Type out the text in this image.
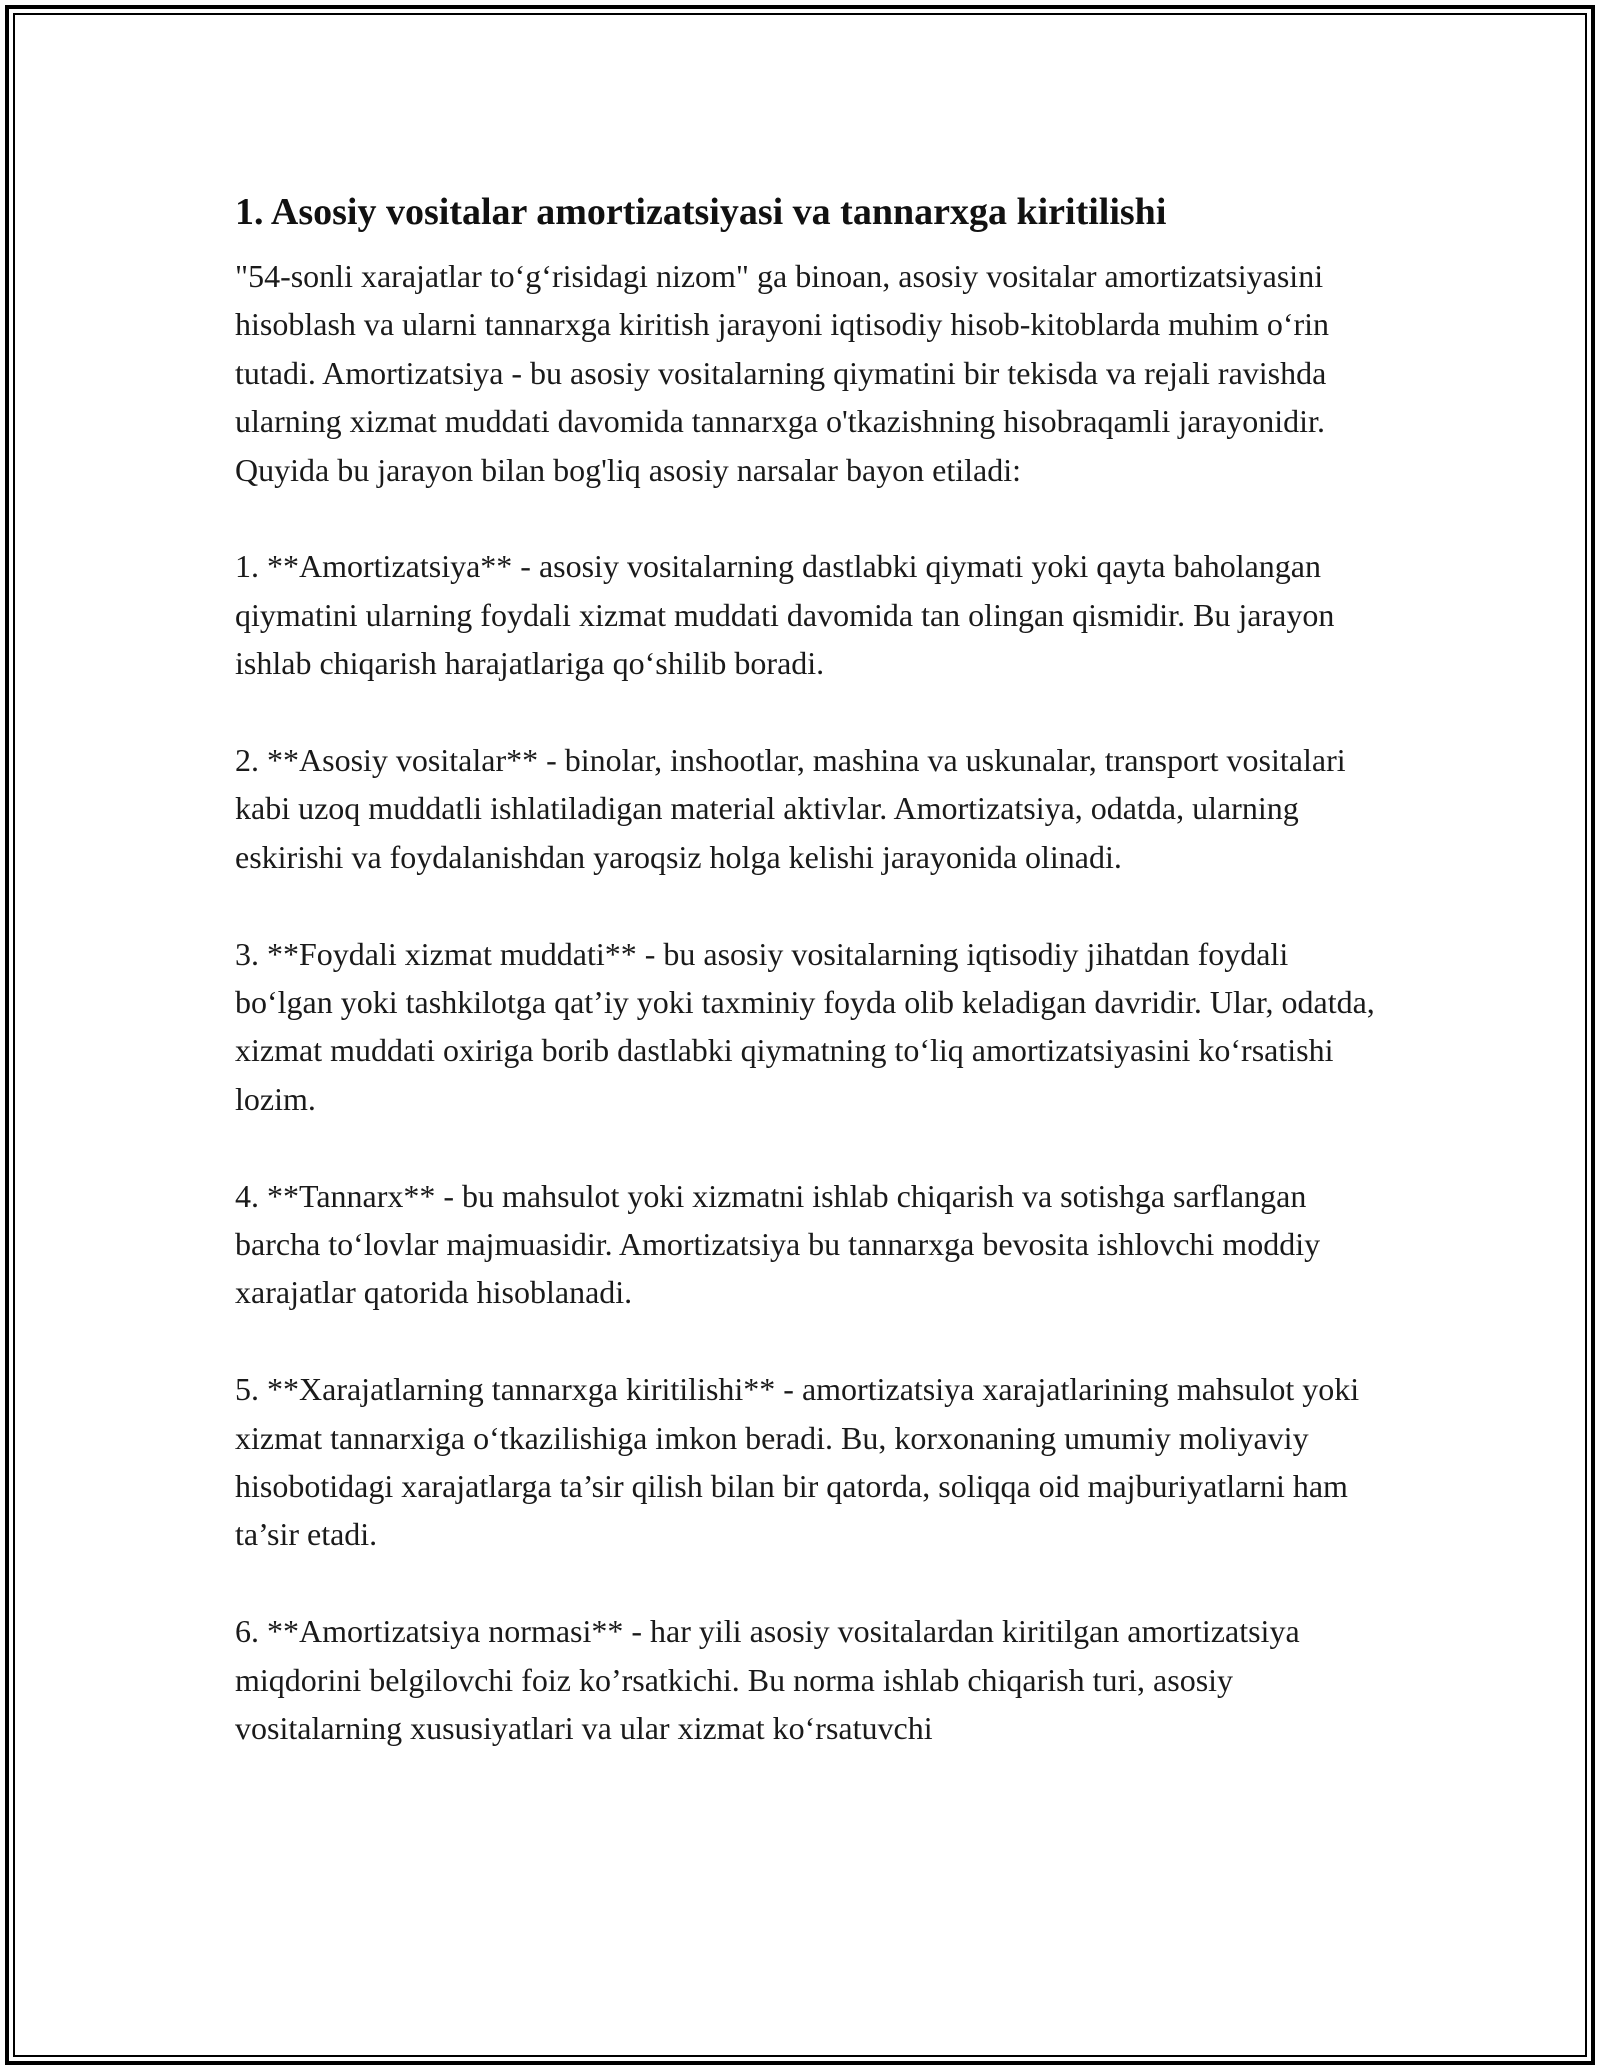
1. Asosiy vositalar amortizatsiyasi va tannarxga kiritilishi

"54-sonli xarajatlar to‘g‘risidagi nizom" ga binoan, asosiy vositalar amortizatsiyasini hisoblash va ularni tannarxga kiritish jarayoni iqtisodiy hisob-kitoblarda muhim o‘rin tutadi. Amortizatsiya - bu asosiy vositalarning qiymatini bir tekisda va rejali ravishda ularning xizmat muddati davomida tannarxga o'tkazishning hisobraqamli jarayonidir. Quyida bu jarayon bilan bog'liq asosiy narsalar bayon etiladi:

1. **Amortizatsiya** - asosiy vositalarning dastlabki qiymati yoki qayta baholangan qiymatini ularning foydali xizmat muddati davomida tan olingan qismidir. Bu jarayon ishlab chiqarish harajatlariga qo‘shilib boradi.

2. **Asosiy vositalar** - binolar, inshootlar, mashina va uskunalar, transport vositalari kabi uzoq muddatli ishlatiladigan material aktivlar. Amortizatsiya, odatda, ularning eskirishi va foydalanishdan yaroqsiz holga kelishi jarayonida olinadi.

3. **Foydali xizmat muddati** - bu asosiy vositalarning iqtisodiy jihatdan foydali bo‘lgan yoki tashkilotga qat’iy yoki taxminiy foyda olib keladigan davridir. Ular, odatda, xizmat muddati oxiriga borib dastlabki qiymatning to‘liq amortizatsiyasini ko‘rsatishi lozim.

4. **Tannarx** - bu mahsulot yoki xizmatni ishlab chiqarish va sotishga sarflangan barcha to‘lovlar majmuasidir. Amortizatsiya bu tannarxga bevosita ishlovchi moddiy xarajatlar qatorida hisoblanadi.

5. **Xarajatlarning tannarxga kiritilishi** - amortizatsiya xarajatlarining mahsulot yoki xizmat tannarxiga o‘tkazilishiga imkon beradi. Bu, korxonaning umumiy moliyaviy hisobotidagi xarajatlarga ta’sir qilish bilan bir qatorda, soliqqa oid majburiyatlarni ham ta’sir etadi.

6. **Amortizatsiya normasi** - har yili asosiy vositalardan kiritilgan amortizatsiya miqdorini belgilovchi foiz ko’rsatkichi. Bu norma ishlab chiqarish turi, asosiy vositalarning xususiyatlari va ular xizmat ko‘rsatuvchi
